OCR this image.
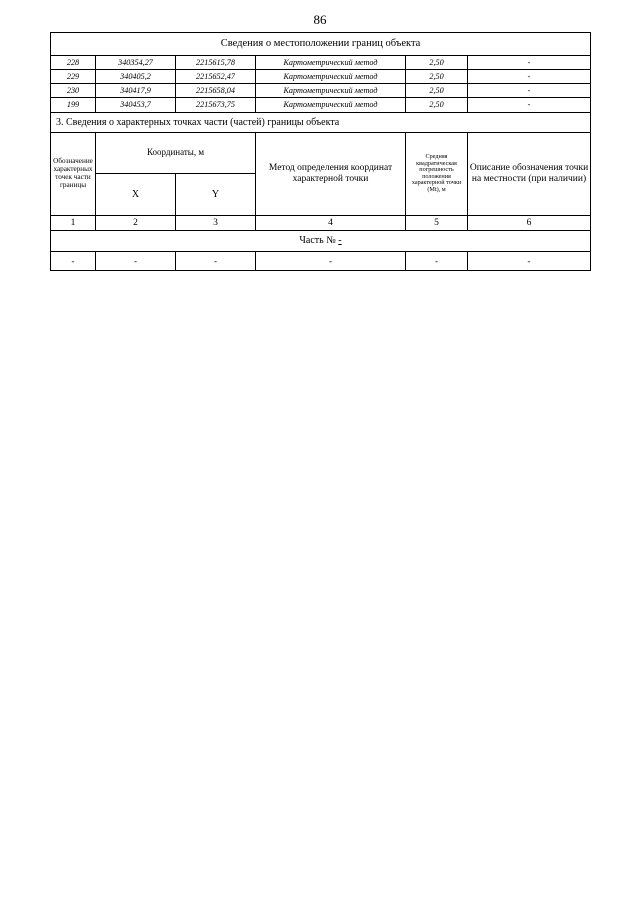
86
Сведения о местоположении границ объекта					
228	340354,27	2215615,78	Картометрический метод	2,50	-
229	340405,2	2215652,47	Картометрический метод	2,50	-
230	340417,9	2215658,04	Картометрический метод	2,50	-
199	340453,7	2215673,75	Картометрический метод	2,50	-
3. Сведения о характерных точках части (частей) границы объекта					
Обозначение характерных точек части границы	Координаты, м		Метод определения координат характерной точки	Средняя квадратическая погрешность положения характерной точки (Мt), м	Описание обозначения точки на местности (при наличии)
	X	Y			
1	2	3	4	5	6
Часть № -					
-	-	-	-	-	-
